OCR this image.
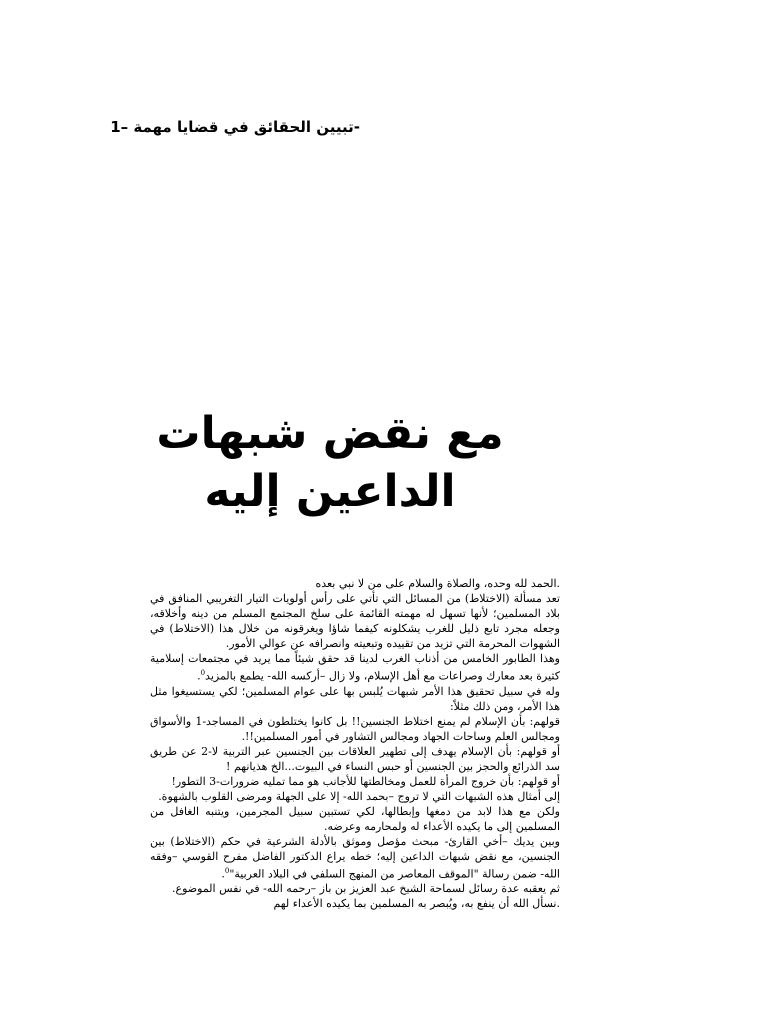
-تبيين الحقائق في قضايا مهمة –1
مع نقض شبهات
الداعين إليه

.الحمد لله وحده، والصلاة والسلام على من لا نبي بعده

تعد مسألة (الاختلاط) من المسائل التي تأتي على رأس أولويات التيار التغريبي المنافق في بلاد المسلمين؛ لأنها تسهل له مهمته القائمة على سلخ المجتمع المسلم من دينه وأخلاقه، وجعله مجرد تابع ذليل للغرب يشكلونه كيفما شاؤا ويغرقونه من خلال هذا (الاختلاط) في الشهوات المحرمة التي تزيد من تقييده وتبعيته وانصرافه عن عوالي الأمور.

وهذا الطابور الخامس من أذناب الغرب لدينا قد حقق شيئاً مما يريد في مجتمعات إسلامية كثيرة بعد معارك وصراعات مع أهل الإسلام، ولا زال –أركسه الله- يطمع بالمزيد$^0$.

وله في سبيل تحقيق هذا الأمر شبهات يُلبس بها على عوام المسلمين؛ لكي يستسيغوا مثل هذا الأمر، ومن ذلك مثلاً:

قولهم: بأن الإسلام لم يمنع اختلاط الجنسين!! بل كانوا يختلطون في المساجد-1 والأسواق ومجالس العلم وساحات الجهاد ومجالس التشاور في أمور المسلمين!!.

أو قولهم: بأن الإسلام يهدف إلى تطهير العلاقات بين الجنسين عبر التربية لا-2 عن طريق سد الذرائع والحجز بين الجنسين أو حبس النساء في البيوت...الخ هذيانهم !

أو قولهم: بأن خروج المرأة للعمل ومخالطتها للأجانب هو مما تمليه ضرورات-3 التطور!

إلى أمثال هذه الشبهات التي لا تروج –بحمد الله- إلا على الجهلة ومرضى القلوب بالشهوة.

ولكن مع هذا لابد من دمغها وإبطالها، لكي تستبين سبيل المجرمين، ويتنبه الغافل من المسلمين إلى ما يكيده الأعداء له ولمحارمه وعرضه.

وبين يديك –أخي القارئ- مبحث مؤصل وموثق بالأدلة الشرعية في حكم (الاختلاط) بين الجنسين، مع نقض شبهات الداعين إليه؛ خطه يراع الدكتور الفاضل مفرح القوسي –وفقه الله- ضمن رسالة "الموقف المعاصر من المنهج السلفي في البلاد العربية"$^0$.

ثم يعقبه عدة رسائل لسماحة الشيخ عبد العزيز بن باز –رحمه الله- في نفس الموضوع.

.نسأل الله أن ينفع به، ويُبصر به المسلمين بما يكيده الأعداء لهم
